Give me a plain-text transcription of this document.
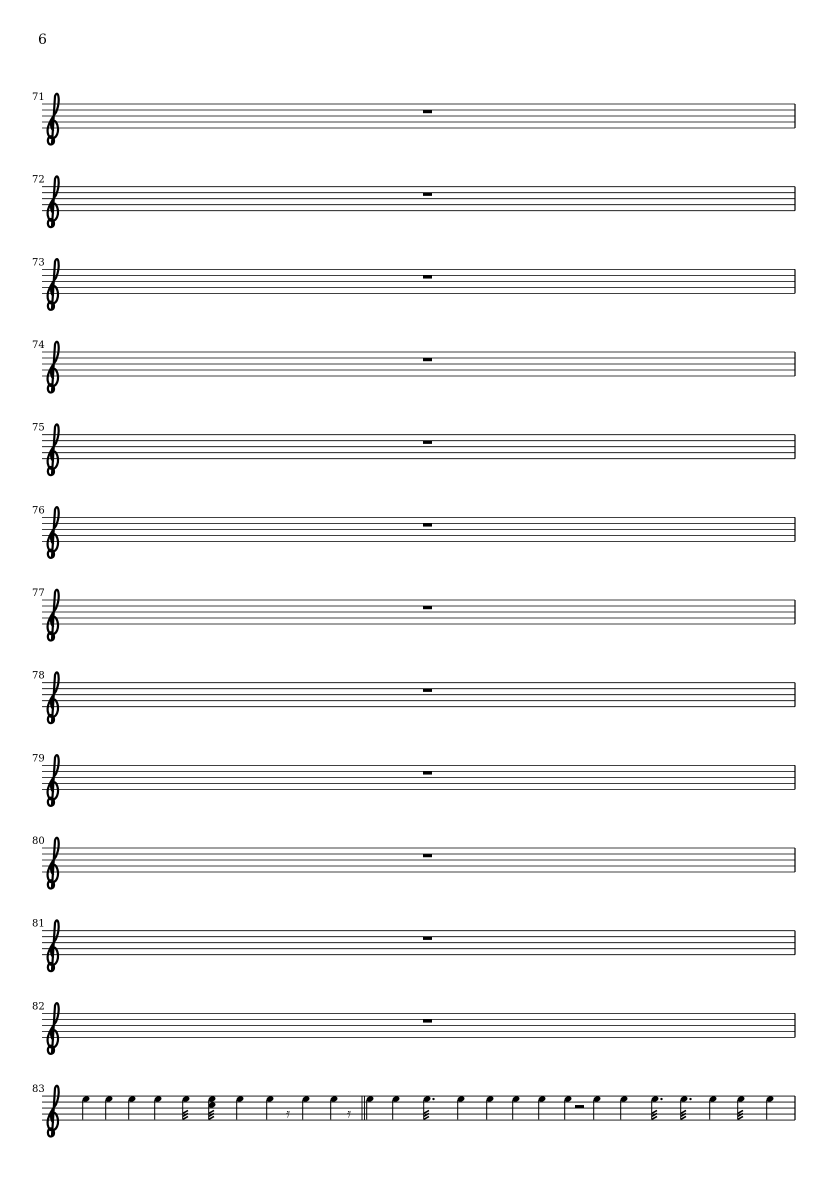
6
71
72
73
74
75
76
77
78
79
80
81
82
83
𝄿	𝄿
